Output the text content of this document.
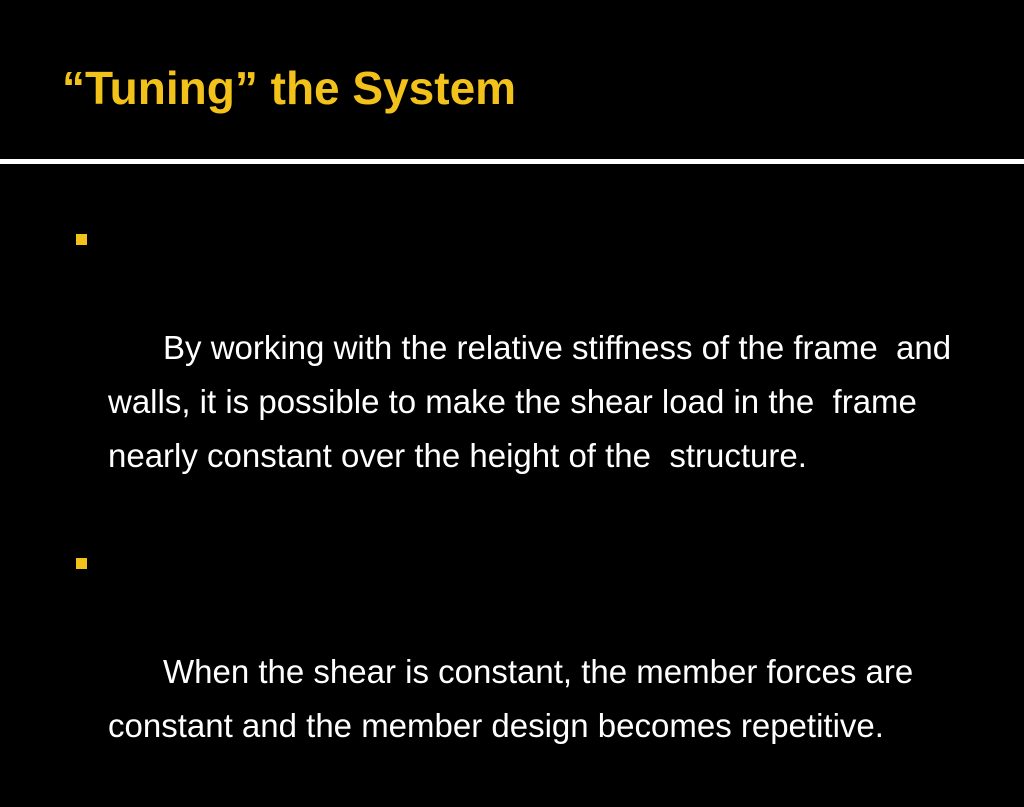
“Tuning” the System

By working with the relative stiffness of the frame  and walls, it is possible to make the shear load in the  frame nearly constant over the height of the  structure.

When the shear is constant, the member forces are  constant and the member design becomes repetitive.
